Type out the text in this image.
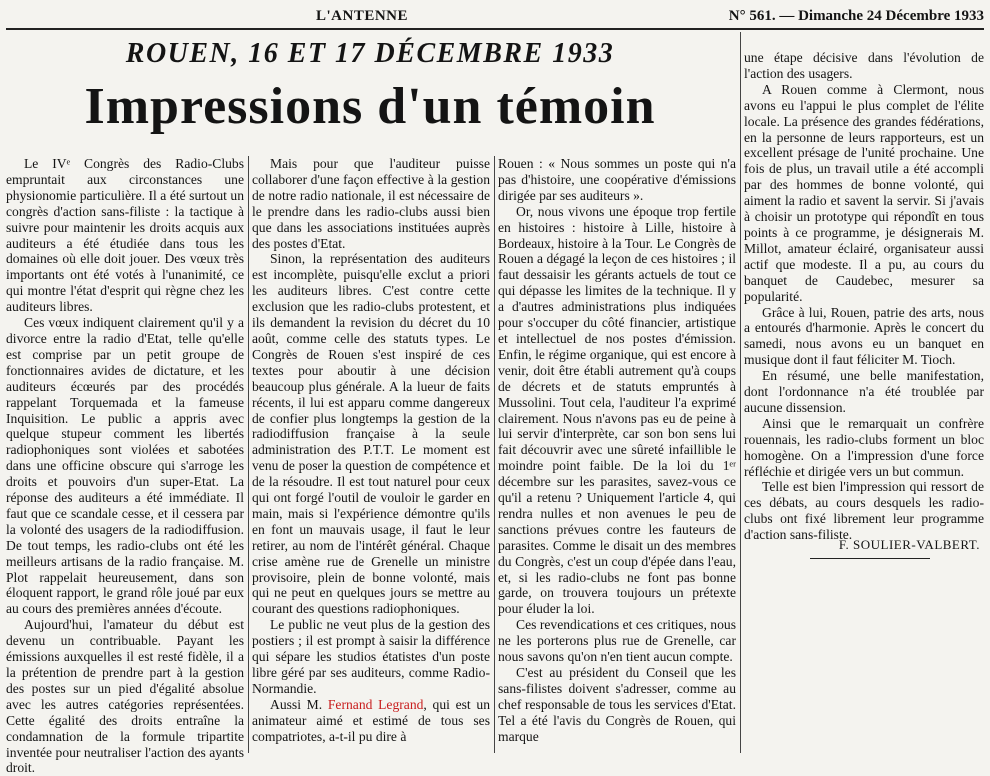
L'ANTENNE	N° 561. — Dimanche 24 Décembre 1933
ROUEN, 16 ET 17 DÉCEMBRE 1933
Impressions d'un témoin

Le IVᵉ Congrès des Radio-Clubs empruntait aux circonstances une physionomie particulière. Il a été surtout un congrès d'action sans-filiste : la tactique à suivre pour maintenir les droits acquis aux auditeurs a été étudiée dans tous les domaines où elle doit jouer. Des vœux très importants ont été votés à l'unanimité, ce qui montre l'état d'esprit qui règne chez les auditeurs libres.

Ces vœux indiquent clairement qu'il y a divorce entre la radio d'Etat, telle qu'elle est comprise par un petit groupe de fonctionnaires avides de dictature, et les auditeurs écœurés par des procédés rappelant Torquemada et la fameuse Inquisition. Le public a appris avec quelque stupeur comment les libertés radiophoniques sont violées et sabotées dans une officine obscure qui s'arroge les droits et pouvoirs d'un super-Etat. La réponse des auditeurs a été immédiate. Il faut que ce scandale cesse, et il cessera par la volonté des usagers de la radiodiffusion. De tout temps, les radio-clubs ont été les meilleurs artisans de la radio française. M. Plot rappelait heureusement, dans son éloquent rapport, le grand rôle joué par eux au cours des premières années d'écoute.

Aujourd'hui, l'amateur du début est devenu un contribuable. Payant les émissions auxquelles il est resté fidèle, il a la prétention de prendre part à la gestion des postes sur un pied d'égalité absolue avec les autres catégories représentées. Cette égalité des droits entraîne la condamnation de la formule tripartite inventée pour neutraliser l'action des ayants droit.

Mais pour que l'auditeur puisse collaborer d'une façon effective à la gestion de notre radio nationale, il est nécessaire de le prendre dans les radio-clubs aussi bien que dans les associations instituées auprès des postes d'Etat.

Sinon, la représentation des auditeurs est incomplète, puisqu'elle exclut a priori les auditeurs libres. C'est contre cette exclusion que les radio-clubs protestent, et ils demandent la revision du décret du 10 août, comme celle des statuts types. Le Congrès de Rouen s'est inspiré de ces textes pour aboutir à une décision beaucoup plus générale. A la lueur de faits récents, il lui est apparu comme dangereux de confier plus longtemps la gestion de la radiodiffusion française à la seule administration des P.T.T. Le moment est venu de poser la question de compétence et de la résoudre. Il est tout naturel pour ceux qui ont forgé l'outil de vouloir le garder en main, mais si l'expérience démontre qu'ils en font un mauvais usage, il faut le leur retirer, au nom de l'intérêt général. Chaque crise amène rue de Grenelle un ministre provisoire, plein de bonne volonté, mais qui ne peut en quelques jours se mettre au courant des questions radiophoniques.

Le public ne veut plus de la gestion des postiers ; il est prompt à saisir la différence qui sépare les studios étatistes d'un poste libre géré par ses auditeurs, comme Radio-Normandie.

Aussi M. Fernand Legrand, qui est un animateur aimé et estimé de tous ses compatriotes, a-t-il pu dire à

Rouen : « Nous sommes un poste qui n'a pas d'histoire, une coopérative d'émissions dirigée par ses auditeurs ».

Or, nous vivons une époque trop fertile en histoires : histoire à Lille, histoire à Bordeaux, histoire à la Tour. Le Congrès de Rouen a dégagé la leçon de ces histoires ; il faut dessaisir les gérants actuels de tout ce qui dépasse les limites de la technique. Il y a d'autres administrations plus indiquées pour s'occuper du côté financier, artistique et intellectuel de nos postes d'émission. Enfin, le régime organique, qui est encore à venir, doit être établi autrement qu'à coups de décrets et de statuts empruntés à Mussolini. Tout cela, l'auditeur l'a exprimé clairement. Nous n'avons pas eu de peine à lui servir d'interprète, car son bon sens lui fait découvrir avec une sûreté infaillible le moindre point faible. De la loi du 1ᵉʳ décembre sur les parasites, savez-vous ce qu'il a retenu ? Uniquement l'article 4, qui rendra nulles et non avenues le peu de sanctions prévues contre les fauteurs de parasites. Comme le disait un des membres du Congrès, c'est un coup d'épée dans l'eau, et, si les radio-clubs ne font pas bonne garde, on trouvera toujours un prétexte pour éluder la loi.

Ces revendications et ces critiques, nous ne les porterons plus rue de Grenelle, car nous savons qu'on n'en tient aucun compte.

C'est au président du Conseil que les sans-filistes doivent s'adresser, comme au chef responsable de tous les services d'Etat. Tel a été l'avis du Congrès de Rouen, qui marque

une étape décisive dans l'évolution de l'action des usagers.

A Rouen comme à Clermont, nous avons eu l'appui le plus complet de l'élite locale. La présence des grandes fédérations, en la personne de leurs rapporteurs, est un excellent présage de l'unité prochaine. Une fois de plus, un travail utile a été accompli par des hommes de bonne volonté, qui aiment la radio et savent la servir. Si j'avais à choisir un prototype qui répondît en tous points à ce programme, je désignerais M. Millot, amateur éclairé, organisateur aussi actif que modeste. Il a pu, au cours du banquet de Caudebec, mesurer sa popularité.

Grâce à lui, Rouen, patrie des arts, nous a entourés d'harmonie. Après le concert du samedi, nous avons eu un banquet en musique dont il faut féliciter M. Tioch.

En résumé, une belle manifestation, dont l'ordonnance n'a été troublée par aucune dissension.

Ainsi que le remarquait un confrère rouennais, les radio-clubs forment un bloc homogène. On a l'impression d'une force réfléchie et dirigée vers un but commun.

Telle est bien l'impression qui ressort de ces débats, au cours desquels les radio-clubs ont fixé librement leur programme d'action sans-filiste.

F. SOULIER-VALBERT.
